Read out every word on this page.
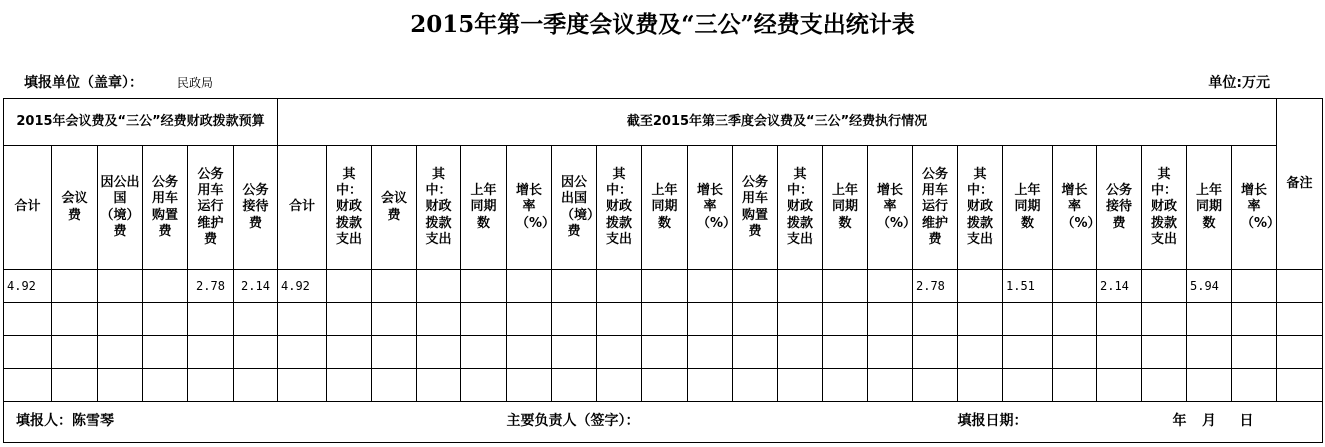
2015年第一季度会议费及“三公”经费支出统计表
填报单位（盖章）：	民政局	单位:万元
2015年会议费及“三公”经费财政拨款预算						截至2015年第三季度会议费及“三公”经费执行情况																						备注

合计	会议费	因公出国（境）费	公务用车购置费	公务用车运行维护费	公务接待费	合计	其中：财政拨款支出	会议费	其中：财政拨款支出	上年同期数	增长率（%）	因公出国（境）费	其中：财政拨款支出	上年同期数	增长率（%）	公务用车购置费	其中：财政拨款支出	上年同期数	增长率（%）	公务用车运行维护费	其中：财政拨款支出	上年同期数	增长率（%）	公务接待费	其中：财政拨款支出	上年同期数	增长率（%）	

4.92				2.78	2.14	4.92														2.78		1.51		2.14		5.94		

填报人：陈雪琴											主要负责人（签字）：										填报日期：				年	月	日	
